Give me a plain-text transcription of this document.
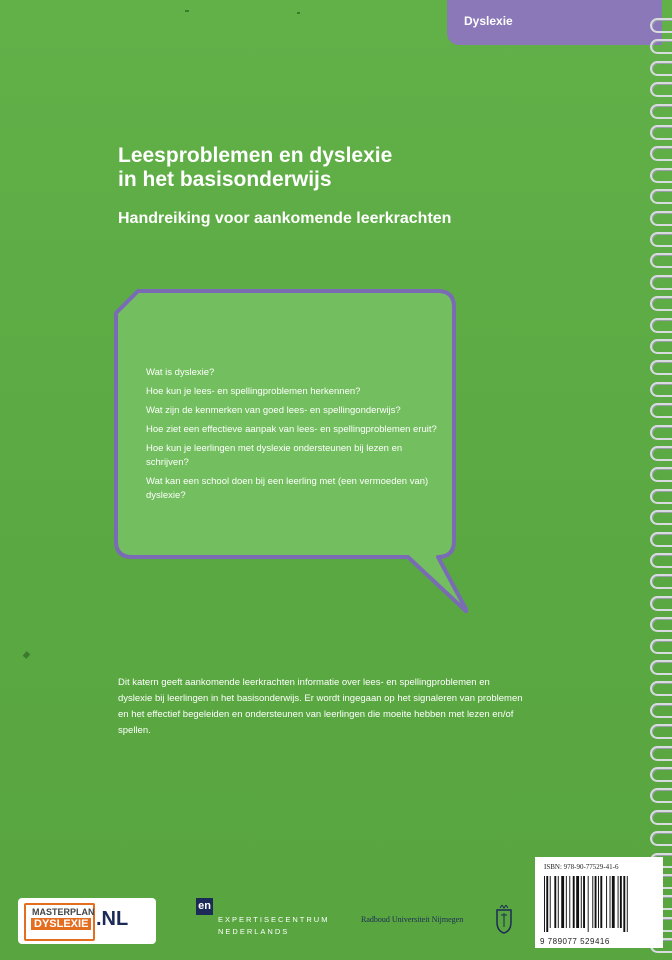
Dyslexie
Leesproblemen en dyslexie
in het basisonderwijs
Handreiking voor aankomende leerkrachten
Wat is dyslexie?
Hoe kun je lees- en spellingproblemen herkennen?
Wat zijn de kenmerken van goed lees- en spellingonderwijs?
Hoe ziet een effectieve aanpak van lees- en spellingproblemen eruit?
Hoe kun je leerlingen met dyslexie ondersteunen bij lezen en schrijven?
Wat kan een school doen bij een leerling met (een vermoeden van) dyslexie?
Dit katern geeft aankomende leerkrachten informatie over lees- en spellingproblemen en dyslexie bij leerlingen in het basisonderwijs. Er wordt ingegaan op het signaleren van problemen en het effectief begeleiden en ondersteunen van leerlingen die moeite hebben met lezen en/of spellen.
MASTERPLAN
DYSLEXIE .NL
en
EXPERTISECENTRUM
NEDERLANDS
Radboud Universiteit Nijmegen
ISBN: 978-90-77529-41-6
9 789077 529416
